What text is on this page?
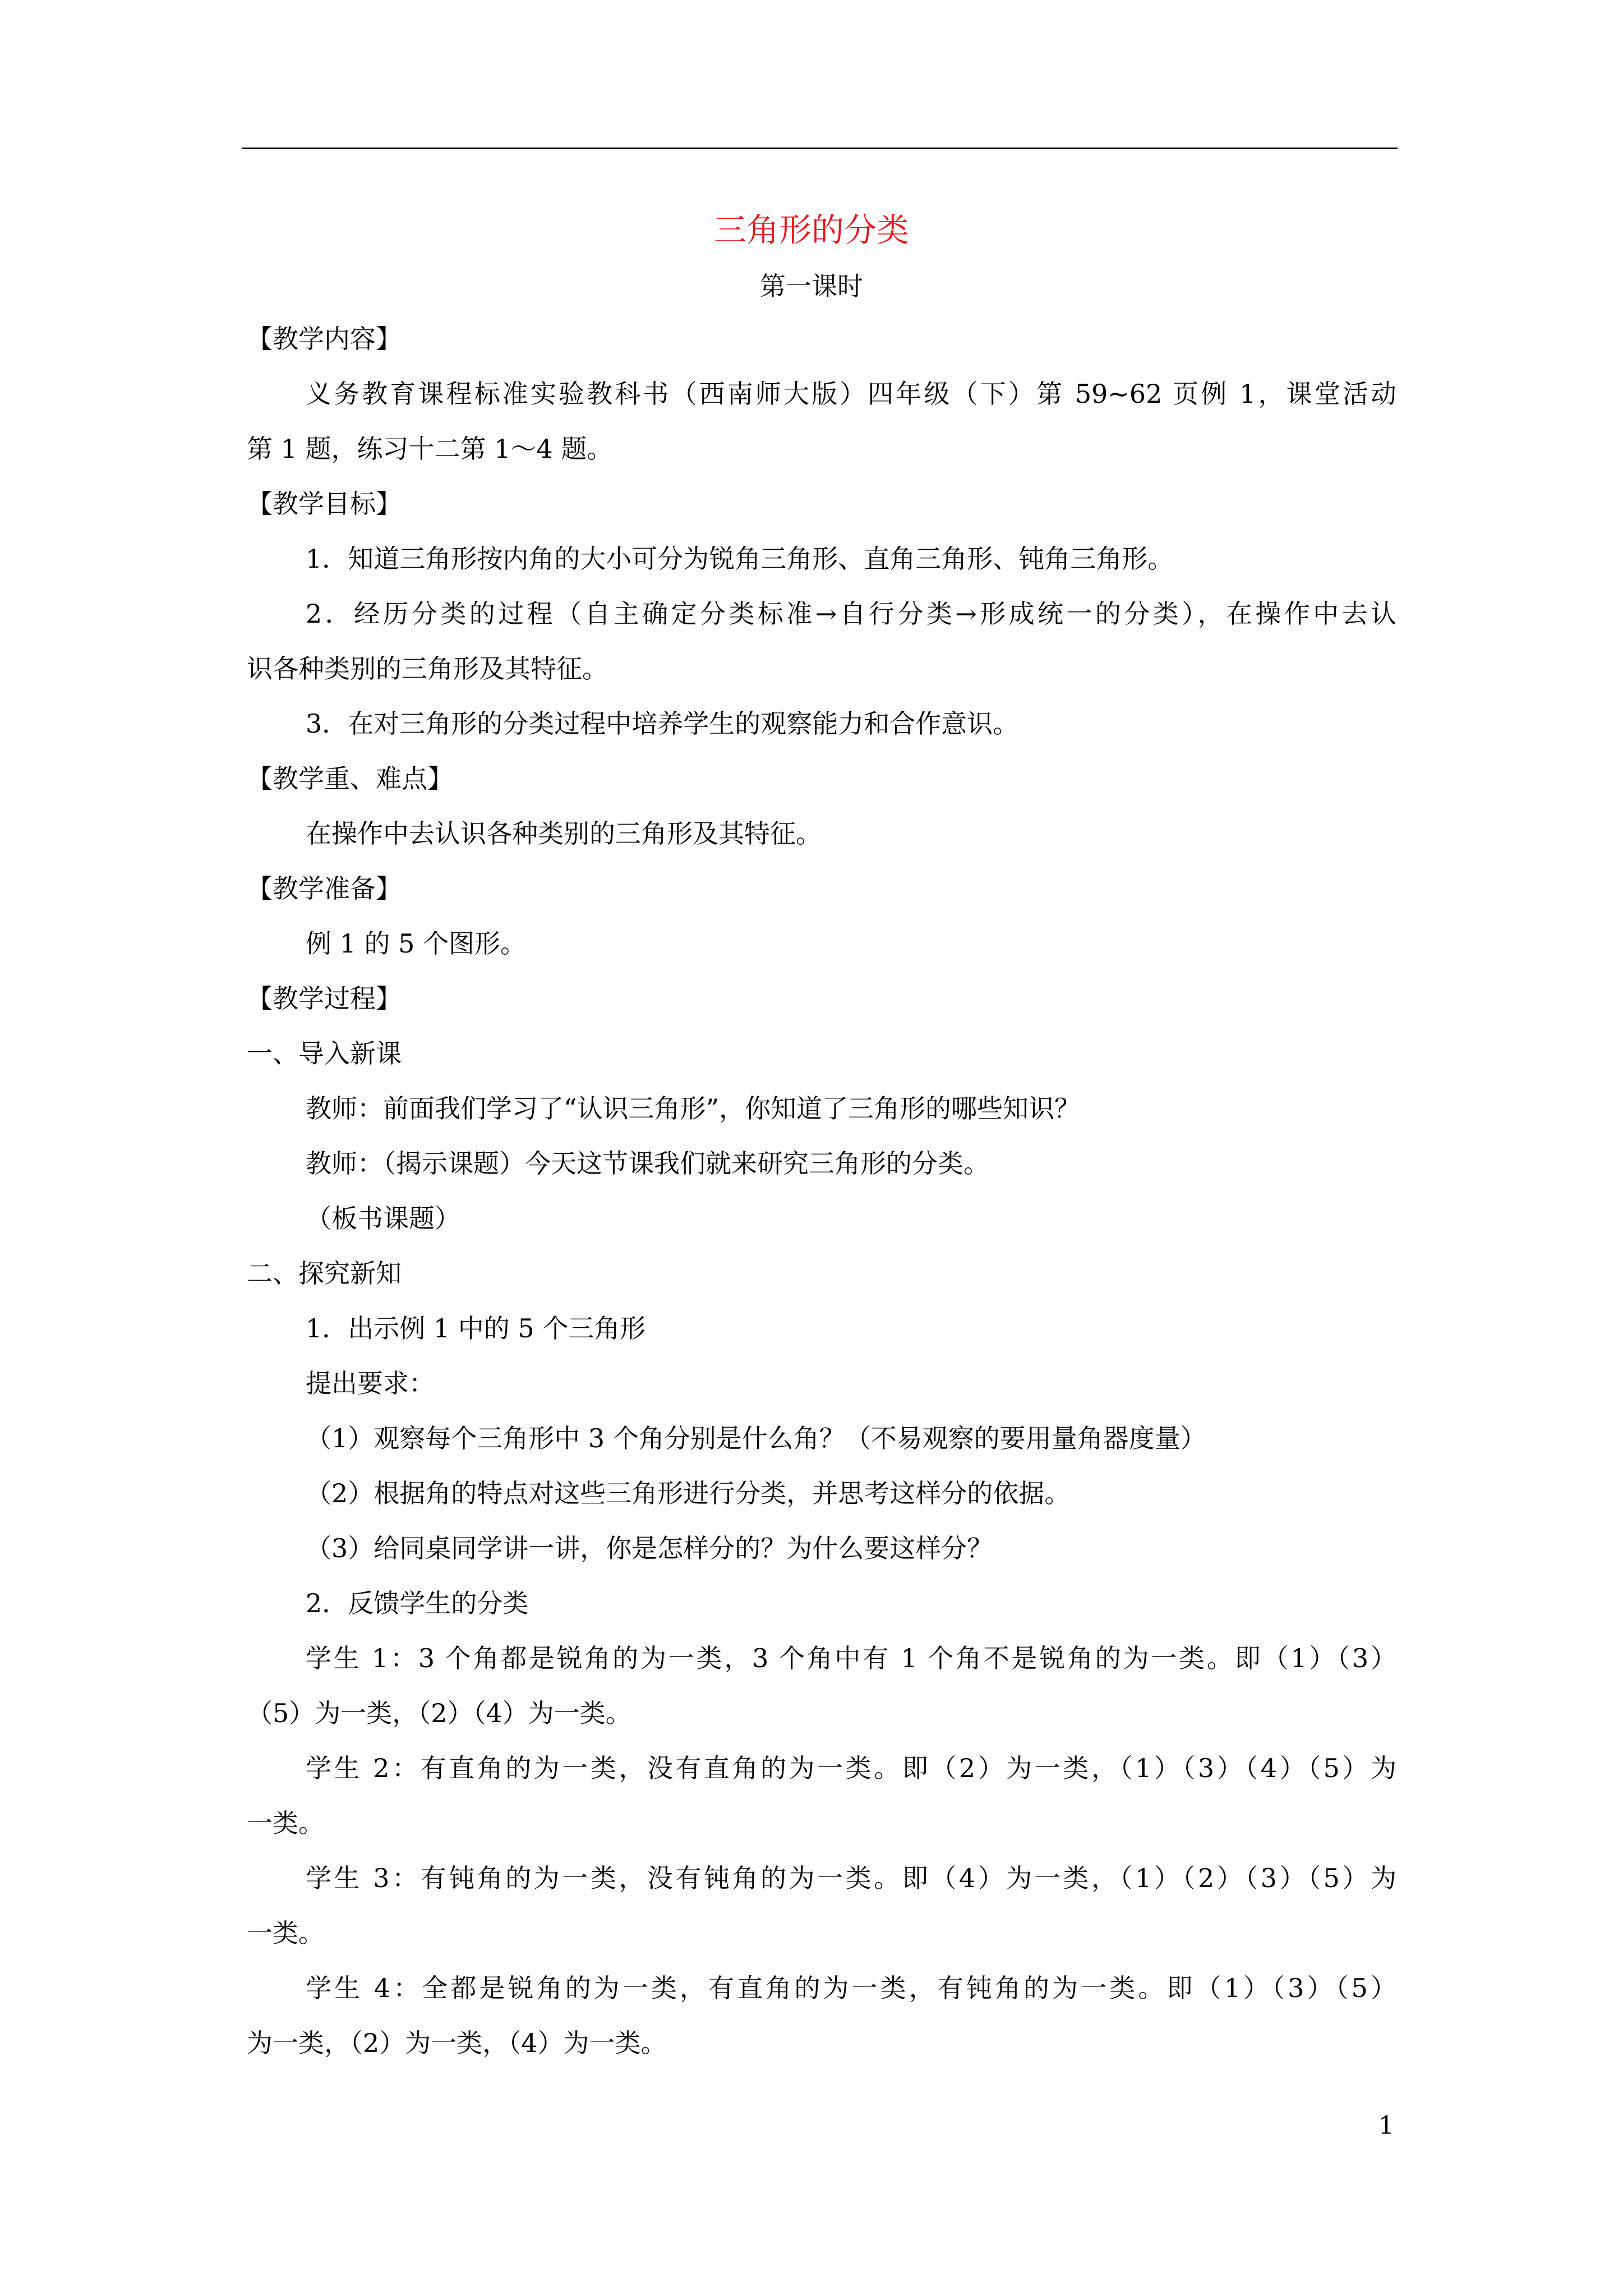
三角形的分类
第一课时
【教学内容】
义务教育课程标准实验教科书（西南师大版）四年级（下）第 59~62 页例 1，课堂活动
第 1 题，练习十二第 1～4 题。
【教学目标】
1．知道三角形按内角的大小可分为锐角三角形、直角三角形、钝角三角形。
2．经历分类的过程（自主确定分类标准→自行分类→形成统一的分类），在操作中去认
识各种类别的三角形及其特征。
3．在对三角形的分类过程中培养学生的观察能力和合作意识。
【教学重、难点】
在操作中去认识各种类别的三角形及其特征。
【教学准备】
例 1 的 5 个图形。
【教学过程】
一、导入新课
教师：前面我们学习了“认识三角形”，你知道了三角形的哪些知识？
教师：（揭示课题）今天这节课我们就来研究三角形的分类。
（板书课题）
二、探究新知
1．出示例 1 中的 5 个三角形
提出要求：
（1）观察每个三角形中 3 个角分别是什么角？（不易观察的要用量角器度量）
（2）根据角的特点对这些三角形进行分类，并思考这样分的依据。
（3）给同桌同学讲一讲，你是怎样分的？为什么要这样分？
2．反馈学生的分类
学生 1：3 个角都是锐角的为一类，3 个角中有 1 个角不是锐角的为一类。即（1）（3）
（5）为一类，（2）（4）为一类。
学生 2：有直角的为一类，没有直角的为一类。即（2）为一类，（1）（3）（4）（5）为
一类。
学生 3：有钝角的为一类，没有钝角的为一类。即（4）为一类，（1）（2）（3）（5）为
一类。
学生 4：全都是锐角的为一类，有直角的为一类，有钝角的为一类。即（1）（3）（5）
为一类，（2）为一类，（4）为一类。
1
